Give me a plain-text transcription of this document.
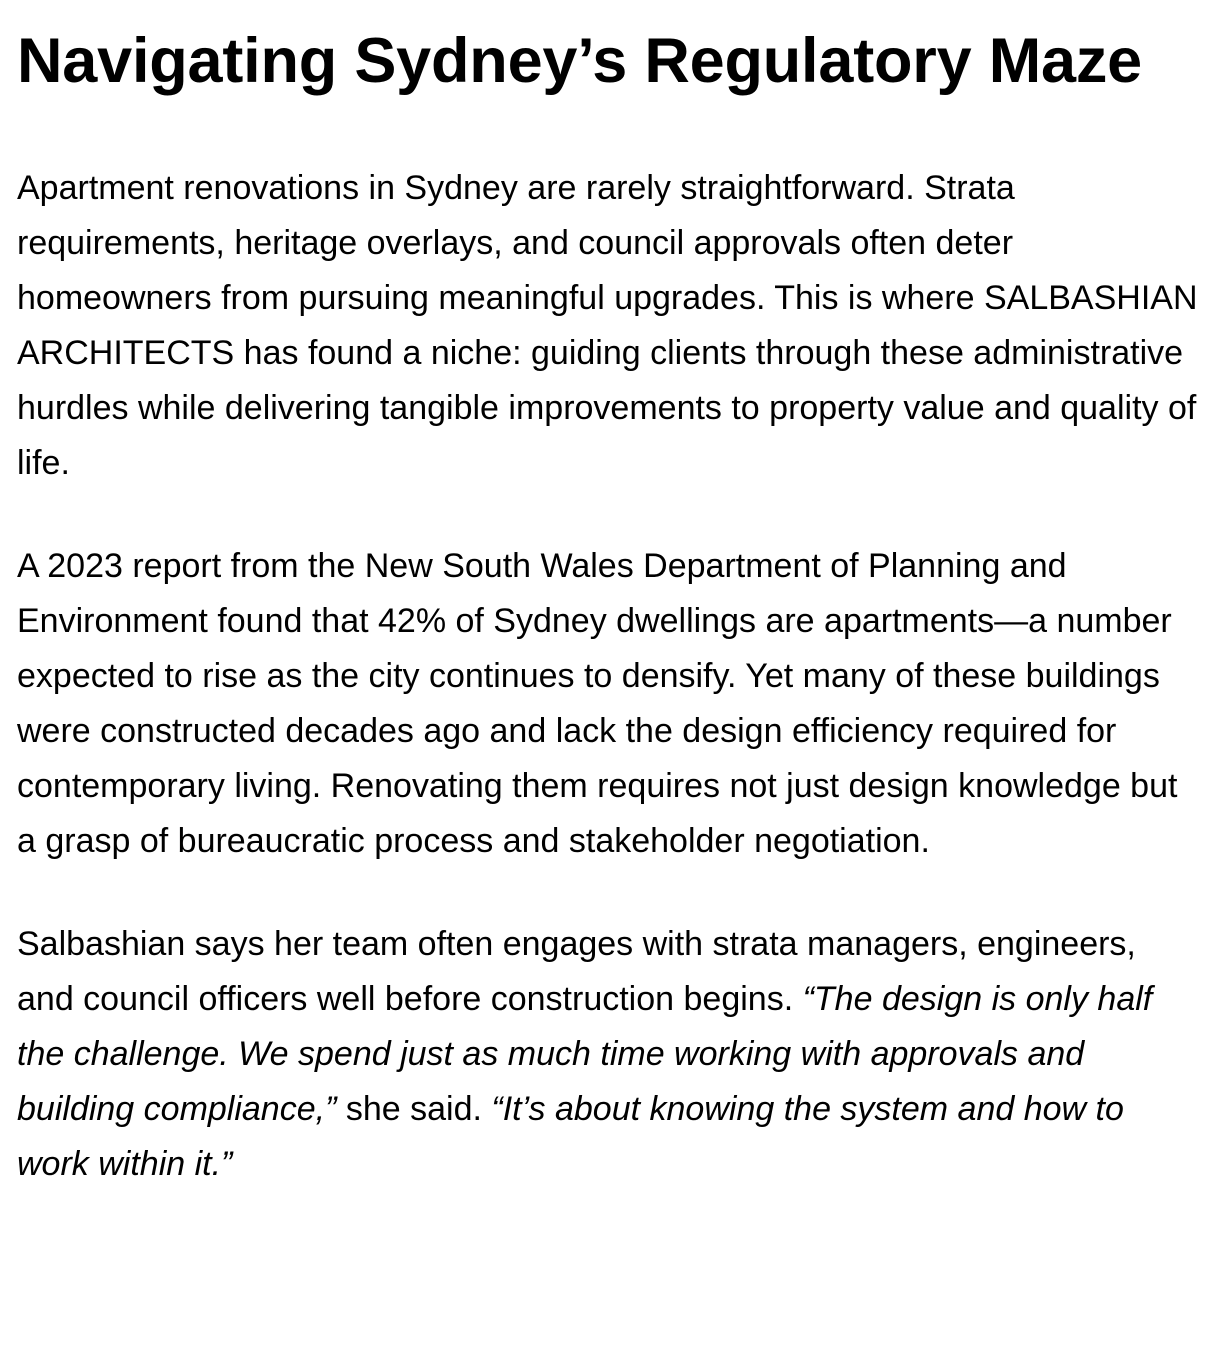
Navigating Sydney’s Regulatory Maze

Apartment renovations in Sydney are rarely straightforward. Strata requirements, heritage overlays, and council approvals often deter homeowners from pursuing meaningful upgrades. This is where SALBASHIAN ARCHITECTS has found a niche: guiding clients through these administrative hurdles while delivering tangible improvements to property value and quality of life.

A 2023 report from the New South Wales Department of Planning and Environment found that 42% of Sydney dwellings are apartments—a number expected to rise as the city continues to densify. Yet many of these buildings were constructed decades ago and lack the design efficiency required for contemporary living. Renovating them requires not just design knowledge but a grasp of bureaucratic process and stakeholder negotiation.

Salbashian says her team often engages with strata managers, engineers, and council officers well before construction begins. “The design is only half the challenge. We spend just as much time working with approvals and building compliance,” she said. “It’s about knowing the system and how to work within it.”
